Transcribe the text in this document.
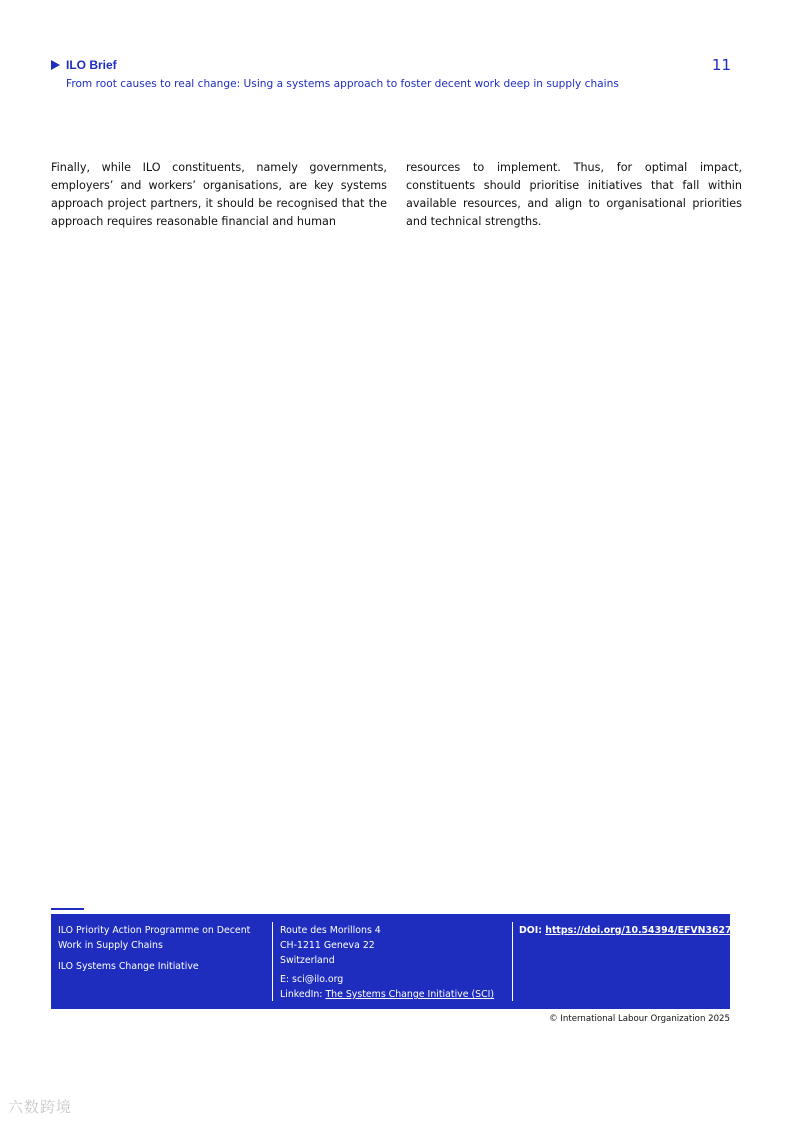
ILO Brief	11
From root causes to real change: Using a systems approach to foster decent work deep in supply chains
Finally, while ILO constituents, namely governments, employers’ and workers’ organisations, are key systems approach project partners, it should be recognised that the approach requires reasonable financial and human
resources to implement. Thus, for optimal impact, constituents should prioritise initiatives that fall within available resources, and align to organisational priorities and technical strengths.
ILO Priority Action Programme on Decent
Work in Supply Chains
ILO Systems Change Initiative
Route des Morillons 4
CH-1211 Geneva 22
Switzerland
E: sci@ilo.org
LinkedIn: The Systems Change Initiative (SCI)
DOI: https://doi.org/10.54394/EFVN3627
© International Labour Organization 2025
六数跨境
